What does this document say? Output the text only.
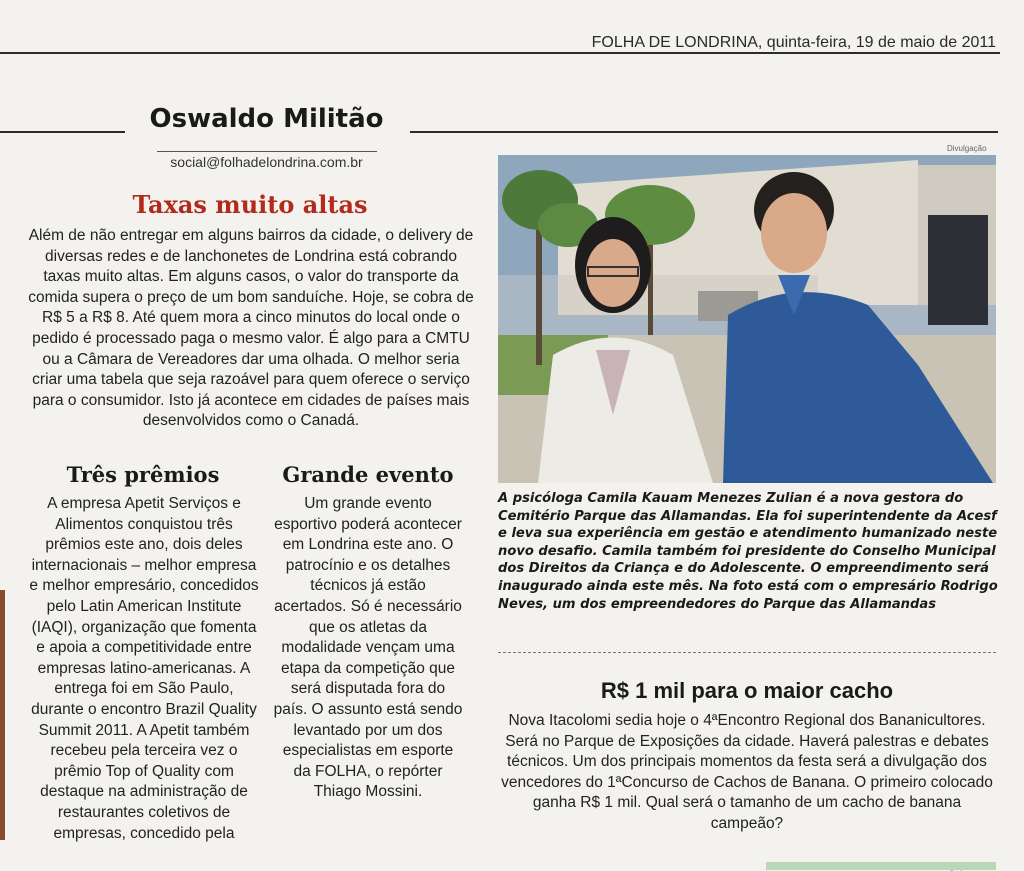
FOLHA DE LONDRINA, quinta-feira, 19 de maio de 2011
Oswaldo Militão
social@folhadelondrina.com.br
Taxas muito altas
Além de não entregar em alguns bairros da cidade, o delivery de diversas redes e de lanchonetes de Londrina está cobrando taxas muito altas. Em alguns casos, o valor do transporte da comida supera o preço de um bom sanduíche. Hoje, se cobra de R$ 5 a R$ 8. Até quem mora a cinco minutos do local onde o pedido é processado paga o mesmo valor. É algo para a CMTU ou a Câmara de Vereadores dar uma olhada. O melhor seria criar uma tabela que seja razoável para quem oferece o serviço para o consumidor. Isto já acontece em cidades de países mais desenvolvidos como o Canadá.
Três prêmios
A empresa Apetit Serviços e Alimentos conquistou três prêmios este ano, dois deles internacionais – melhor empresa e melhor empresário, concedidos pelo Latin American Institute (IAQI), organização que fomenta e apoia a competitividade entre empresas latino-americanas. A entrega foi em São Paulo, durante o encontro Brazil Quality Summit 2011. A Apetit também recebeu pela terceira vez o prêmio Top of Quality com destaque na administração de restaurantes coletivos de empresas, concedido pela
Grande evento
Um grande evento esportivo poderá acontecer em Londrina este ano. O patrocínio e os detalhes técnicos já estão acertados. Só é necessário que os atletas da modalidade vençam uma etapa da competição que será disputada fora do país. O assunto está sendo levantado por um dos especialistas em esporte da FOLHA, o repórter Thiago Mossini.
Divulgação
A psicóloga Camila Kauam Menezes Zulian é a nova gestora do Cemitério Parque das Allamandas. Ela foi superintendente da Acesf e leva sua experiência em gestão e atendimento humanizado neste novo desafio. Camila também foi presidente do Conselho Municipal dos Direitos da Criança e do Adolescente. O empreendimento será inaugurado ainda este mês. Na foto está com o empresário Rodrigo Neves, um dos empreendedores do Parque das Allamandas
R$ 1 mil para o maior cacho
Nova Itacolomi sedia hoje o 4ªEncontro Regional dos Bananicultores. Será no Parque de Exposições da cidade. Haverá palestras e debates técnicos. Um dos principais momentos da festa será a divulgação dos vencedores do 1ªConcurso de Cachos de Banana. O primeiro colocado ganha R$ 1 mil. Qual será o tamanho de um cacho de banana campeão?
